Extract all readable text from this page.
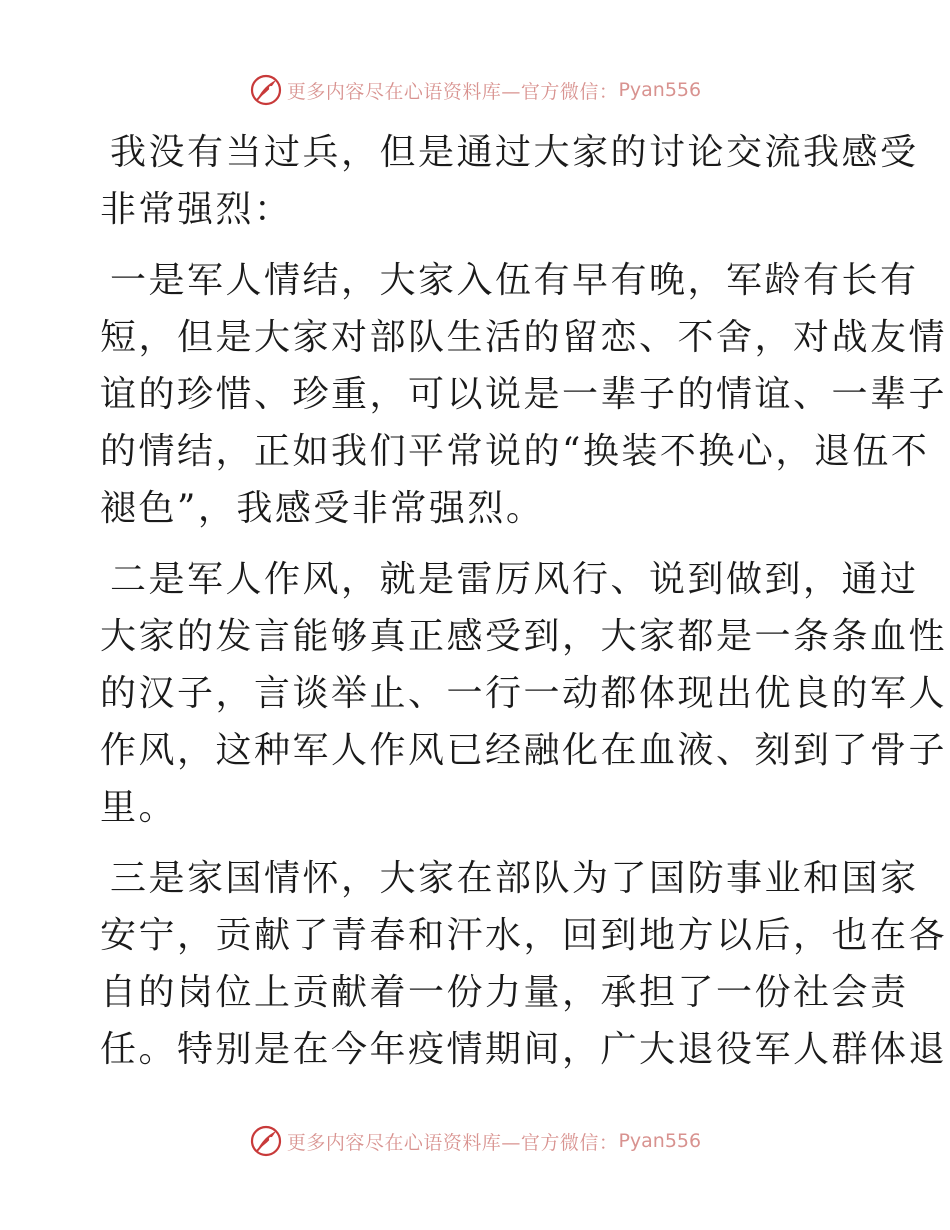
更多内容尽在心语资料库— 官方微信： Pyan556

我没有当过兵，但是通过大家的讨论交流我感受
非常强烈：

一是军人情结，大家入伍有早有晚，军龄有长有
短，但是大家对部队生活的留恋、不舍，对战友情
谊的珍惜、珍重，可以说是一辈子的情谊、一辈子
的情结，正如我们平常说的“换装不换心，退伍不
褪色”，我感受非常强烈。

二是军人作风，就是雷厉风行、说到做到，通过
大家的发言能够真正感受到，大家都是一条条血性
的汉子，言谈举止、一行一动都体现出优良的军人
作风，这种军人作风已经融化在血液、刻到了骨子
里。

三是家国情怀，大家在部队为了国防事业和国家
安宁，贡献了青春和汗水，回到地方以后，也在各
自的岗位上贡献着一份力量，承担了一份社会责
任。特别是在今年疫情期间，广大退役军人群体退

更多内容尽在心语资料库— 官方微信： Pyan556
